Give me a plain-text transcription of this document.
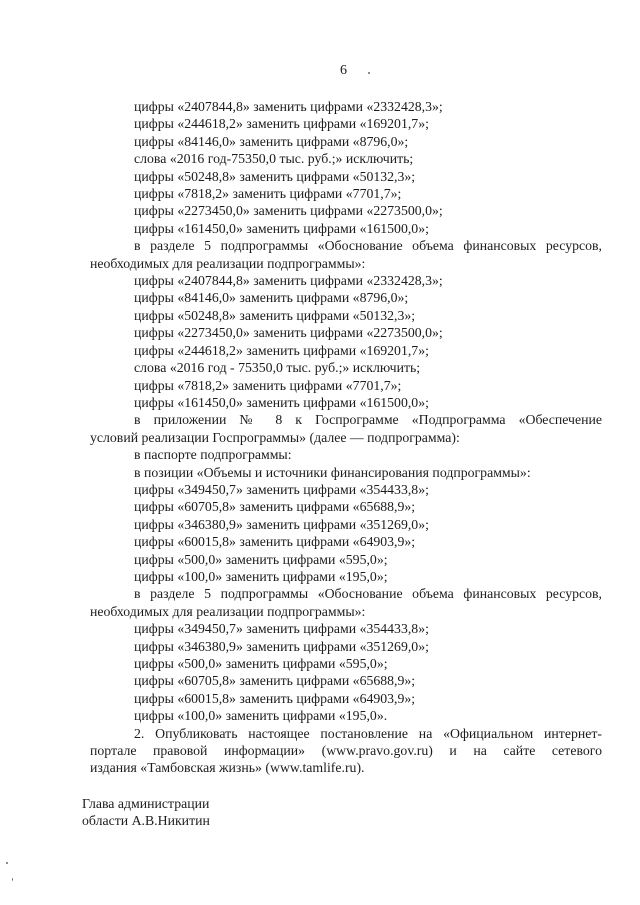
6
цифры «2407844,8» заменить цифрами «2332428,3»;
цифры «244618,2» заменить цифрами «169201,7»;
цифры «84146,0» заменить цифрами «8796,0»;
слова «2016 год-75350,0 тыс. руб.;» исключить;
цифры «50248,8» заменить цифрами «50132,3»;
цифры «7818,2» заменить цифрами «7701,7»;
цифры «2273450,0» заменить цифрами «2273500,0»;
цифры «161450,0» заменить цифрами «161500,0»;
в разделе 5 подпрограммы «Обоснование объема финансовых ресурсов,
необходимых для реализации подпрограммы»:
цифры «2407844,8» заменить цифрами «2332428,3»;
цифры «84146,0» заменить цифрами «8796,0»;
цифры «50248,8» заменить цифрами «50132,3»;
цифры «2273450,0» заменить цифрами «2273500,0»;
цифры «244618,2» заменить цифрами «169201,7»;
слова «2016 год - 75350,0 тыс. руб.;» исключить;
цифры «7818,2» заменить цифрами «7701,7»;
цифры «161450,0» заменить цифрами «161500,0»;
в приложении № 8 к Госпрограмме «Подпрограмма «Обеспечение
условий реализации Госпрограммы» (далее — подпрограмма):
в паспорте подпрограммы:
в позиции «Объемы и источники финансирования подпрограммы»:
цифры «349450,7» заменить цифрами «354433,8»;
цифры «60705,8» заменить цифрами «65688,9»;
цифры «346380,9» заменить цифрами «351269,0»;
цифры «60015,8» заменить цифрами «64903,9»;
цифры «500,0» заменить цифрами «595,0»;
цифры «100,0» заменить цифрами «195,0»;
в разделе 5 подпрограммы «Обоснование объема финансовых ресурсов,
необходимых для реализации подпрограммы»:
цифры «349450,7» заменить цифрами «354433,8»;
цифры «346380,9» заменить цифрами «351269,0»;
цифры «500,0» заменить цифрами «595,0»;
цифры «60705,8» заменить цифрами «65688,9»;
цифры «60015,8» заменить цифрами «64903,9»;
цифры «100,0» заменить цифрами «195,0».
2. Опубликовать настоящее постановление на «Официальном интернет-
портале правовой информации» (www.pravo.gov.ru) и на сайте сетевого
издания «Тамбовская жизнь» (www.tamlife.ru).
Глава администрации
области А.В.Никитин
